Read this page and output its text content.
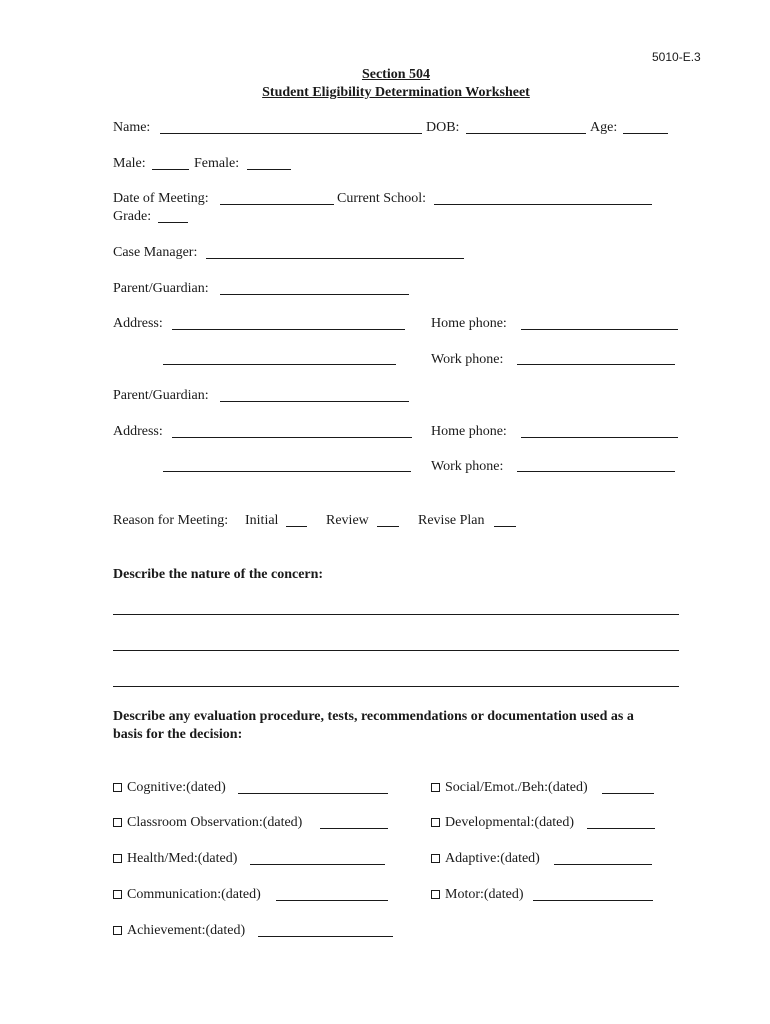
5010-E.3
Section 504
Student Eligibility Determination Worksheet
Name:	DOB:	Age:
Male:	Female:
Date of Meeting:	Current School:
Grade:
Case Manager:
Parent/Guardian:
Address:	Home phone:
Work phone:
Parent/Guardian:
Address:	Home phone:
Work phone:
Reason for Meeting: Initial	Review	Revise Plan
Describe the nature of the concern:
Describe any evaluation procedure, tests, recommendations or documentation used as a
basis for the decision:
Cognitive:(dated)	Social/Emot./Beh:(dated)
Classroom Observation:(dated)	Developmental:(dated)
Health/Med:(dated)	Adaptive:(dated)
Communication:(dated)	Motor:(dated)
Achievement:(dated)
